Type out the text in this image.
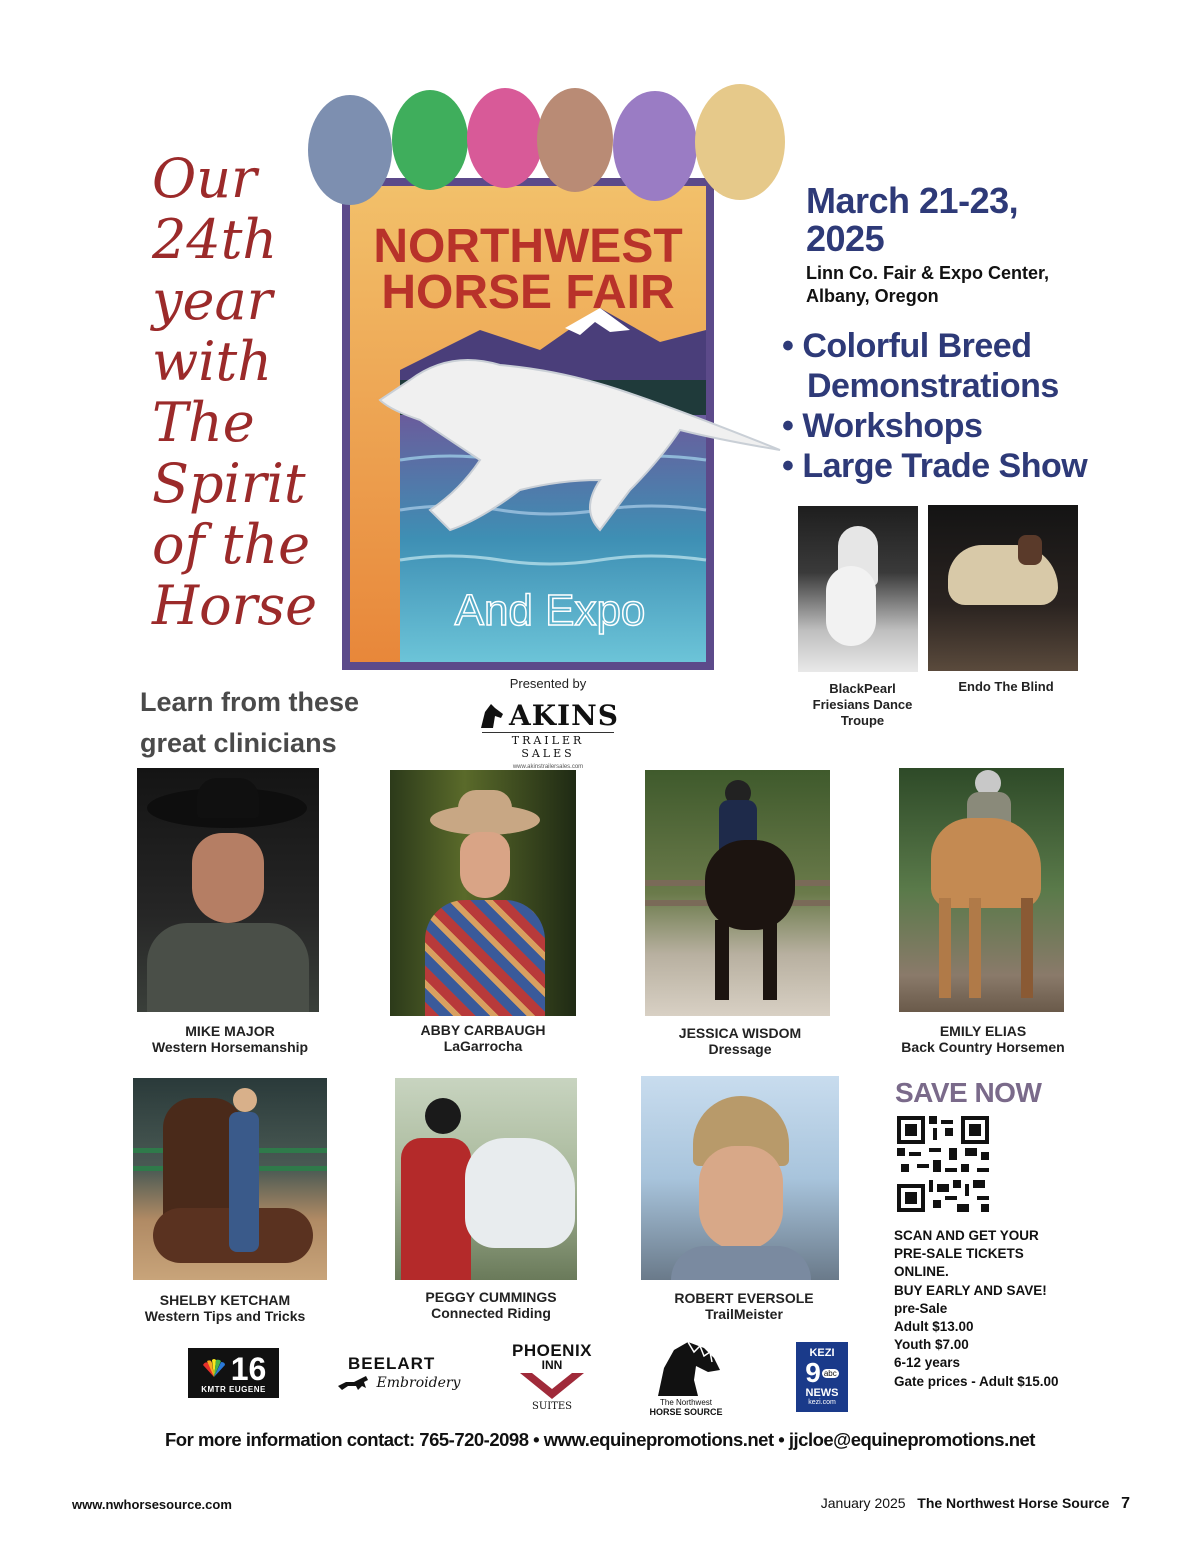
Our
24th
year
with
The
Spirit
of the
Horse
NORTHWEST
HORSE FAIR
And Expo
March 21-23,
2025
Linn Co. Fair & Expo Center,
Albany, Oregon
• Colorful Breed
Demonstrations
• Workshops
• Large Trade Show
BlackPearl Friesians Dance Troupe
Endo The Blind
Learn from these
great clinicians
Presented by
AKINS
TRAILER SALES
www.akinstrailersales.com
MIKE MAJOR
Western Horsemanship
ABBY CARBAUGH
LaGarrocha
JESSICA WISDOM
Dressage
EMILY ELIAS
Back Country Horsemen
SHELBY KETCHAM
Western Tips and Tricks
PEGGY CUMMINGS
Connected Riding
ROBERT EVERSOLE
TrailMeister
SAVE NOW
SCAN AND GET YOUR
PRE-SALE TICKETS
ONLINE.
BUY EARLY AND SAVE!
pre-Sale
Adult $13.00
Youth $7.00
6-12 years
Gate prices - Adult $15.00
16
KMTR EUGENE
BEELART
Embroidery
PHOENIX
INN
SUITES	The Northwest
HORSE SOURCE
KEZI
9 abc
NEWS
kezi.com
For more information contact: 765-720-2098 • www.equinepromotions.net • jjcloe@equinepromotions.net
www.nwhorsesource.com	January 2025 The Northwest Horse Source 7
